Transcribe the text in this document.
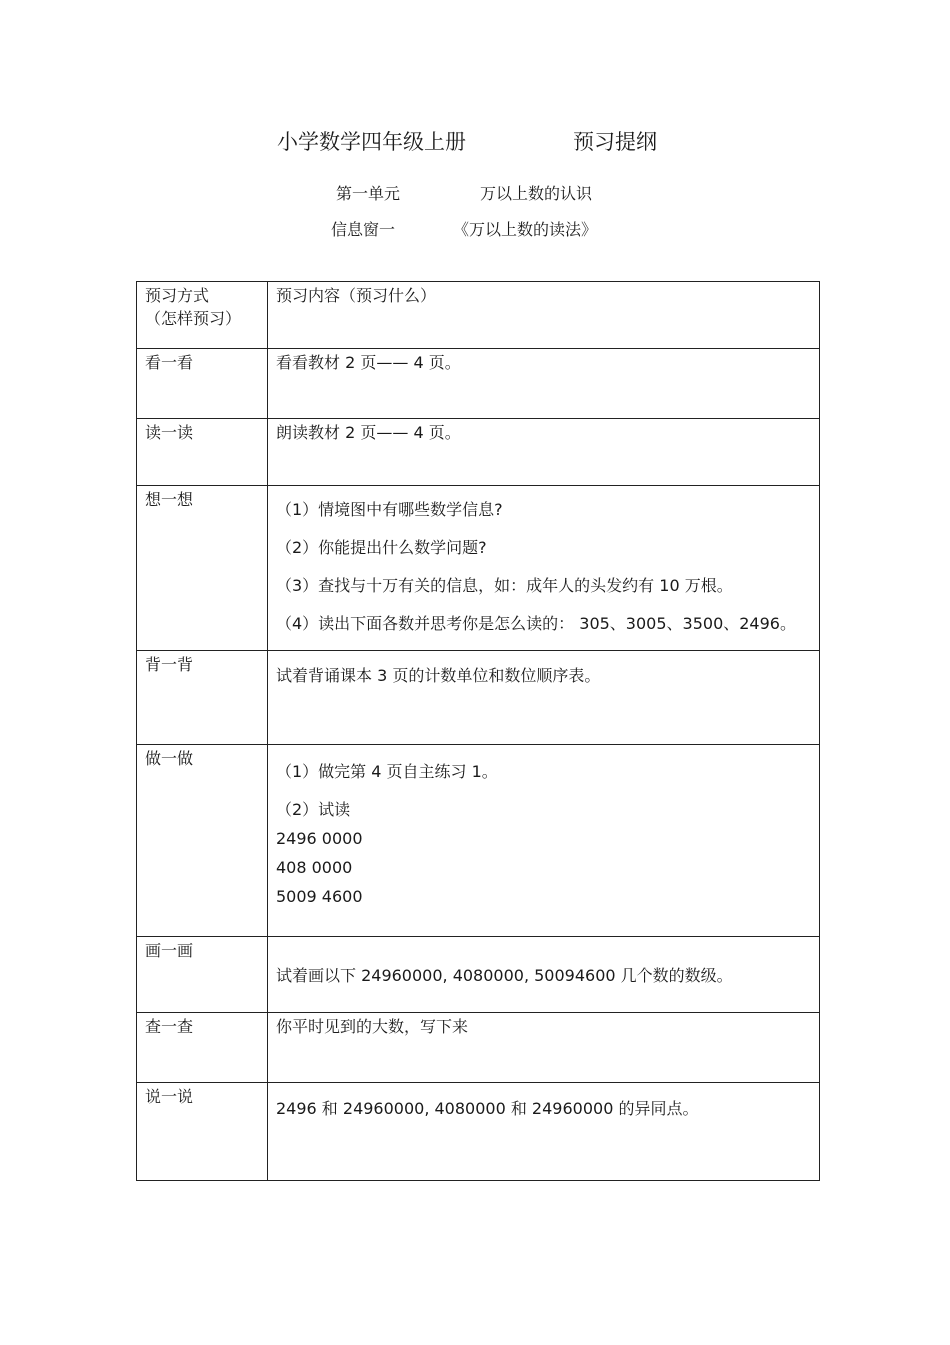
小学数学四年级上册	预习提纲
第一单元	万以上数的认识
信息窗一	《万以上数的读法》
预习方式
（怎样预习）	预习内容（预习什么）

看一看	看看教材 2 页—— 4 页。

读一读	朗读教材 2 页—— 4 页。

想一想	（1）情境图中有哪些数学信息?
（2）你能提出什么数学问题?
（3）查找与十万有关的信息，如：成年人的头发约有 10 万根。
（4）读出下面各数并思考你是怎么读的： 305、3005、3500、2496。

背一背	试着背诵课本 3 页的计数单位和数位顺序表。

做一做	（1）做完第 4 页自主练习 1。
（2）试读
2496 0000
408 0000
5009 4600

画一画	试着画以下 24960000, 4080000, 50094600 几个数的数级。

查一查	你平时见到的大数，写下来

说一说	2496 和 24960000, 4080000 和 24960000 的异同点。
